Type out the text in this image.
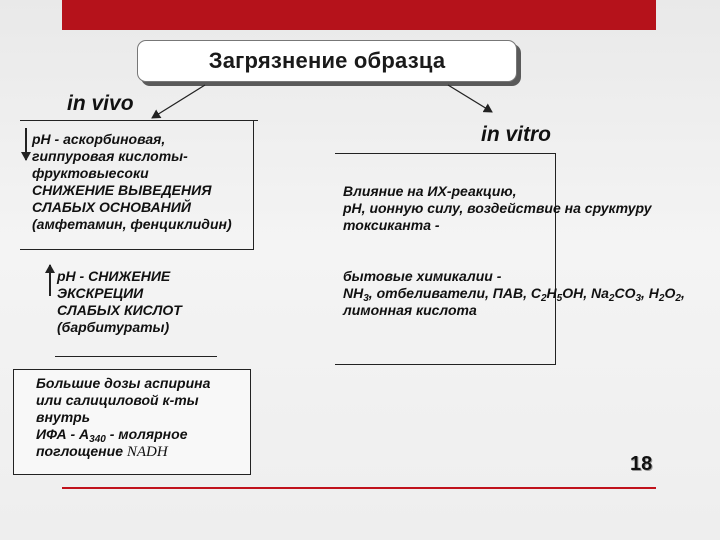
Загрязнение образца
in vivo
рН - аскорбиновая,
гиппуровая кислоты-
фруктовыесоки
СНИЖЕНИЕ ВЫВЕДЕНИЯ
СЛАБЫХ ОСНОВАНИЙ
(амфетамин, фенциклидин)
рН - СНИЖЕНИЕ
ЭКСКРЕЦИИ
СЛАБЫХ КИСЛОТ
(барбитураты)
Большие дозы аспирина
или салициловой к-ты
внутрь
ИФА - $А_{340}$ - молярное
поглощение NADH
in vitro
Влияние на ИХ-реакцию,
рН, ионную силу, воздействие на сруктуру
токсиканта -
бытовые химикалии -
$NH_3$, отбеливатели, ПАВ, $С_2Н_5ОН$, $Na_2CO_3$, $H_2O_2$,
лимонная кислота
18
